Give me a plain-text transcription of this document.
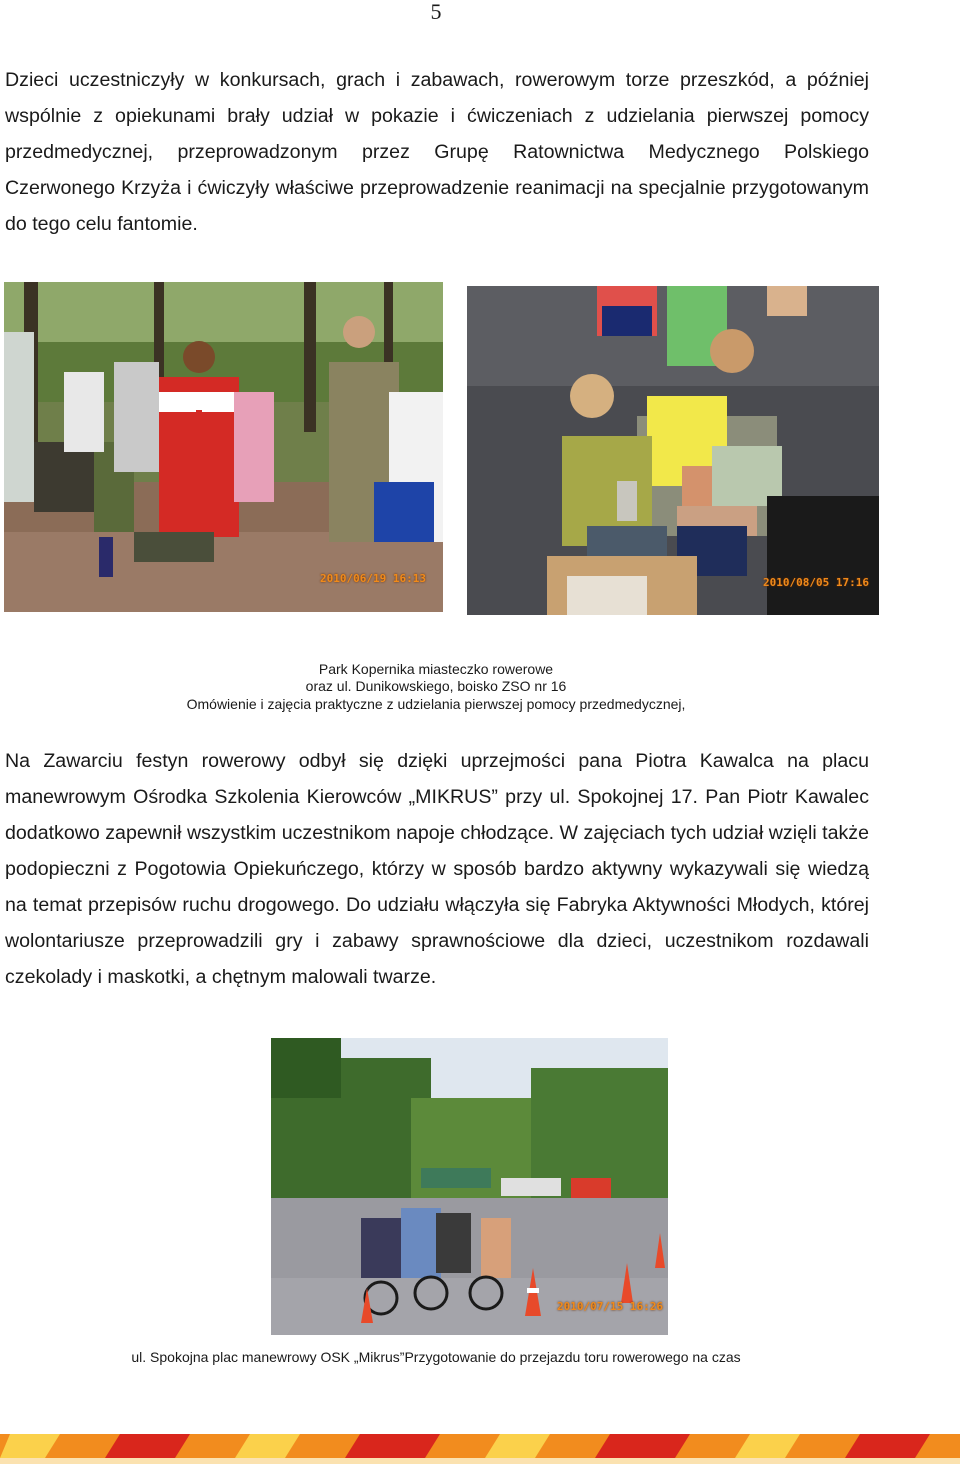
5

Dzieci uczestniczyły w konkursach, grach i zabawach, rowerowym torze przeszkód, a później wspólnie z opiekunami brały udział w pokazie i ćwiczeniach z udzielania pierwszej pomocy przedmedycznej, przeprowadzonym przez Grupę Ratownictwa Medycznego Polskiego Czerwonego Krzyża i ćwiczyły właściwe przeprowadzenie reanimacji na specjalnie przygotowanym do tego celu fantomie.

2010/06/19 16:13	2010/08/05 17:16
Park Kopernika miasteczko rowerowe
oraz ul. Dunikowskiego, boisko ZSO nr 16
Omówienie i zajęcia praktyczne z udzielania pierwszej pomocy przedmedycznej,

Na Zawarciu festyn rowerowy odbył się dzięki uprzejmości pana Piotra Kawalca na placu manewrowym Ośrodka Szkolenia Kierowców „MIKRUS” przy ul. Spokojnej 17. Pan Piotr Kawalec dodatkowo zapewnił wszystkim uczestnikom napoje chłodzące. W zajęciach tych udział wzięli także podopieczni z Pogotowia Opiekuńczego, którzy w sposób bardzo aktywny wykazywali się wiedzą na temat przepisów ruchu drogowego. Do udziału włączyła się Fabryka Aktywności Młodych, której wolontariusze przeprowadzili gry i zabawy sprawnościowe dla dzieci, uczestnikom rozdawali czekolady i maskotki, a chętnym malowali twarze.

2010/07/15 16:26
ul. Spokojna plac manewrowy OSK „Mikrus”Przygotowanie do przejazdu toru rowerowego na czas
